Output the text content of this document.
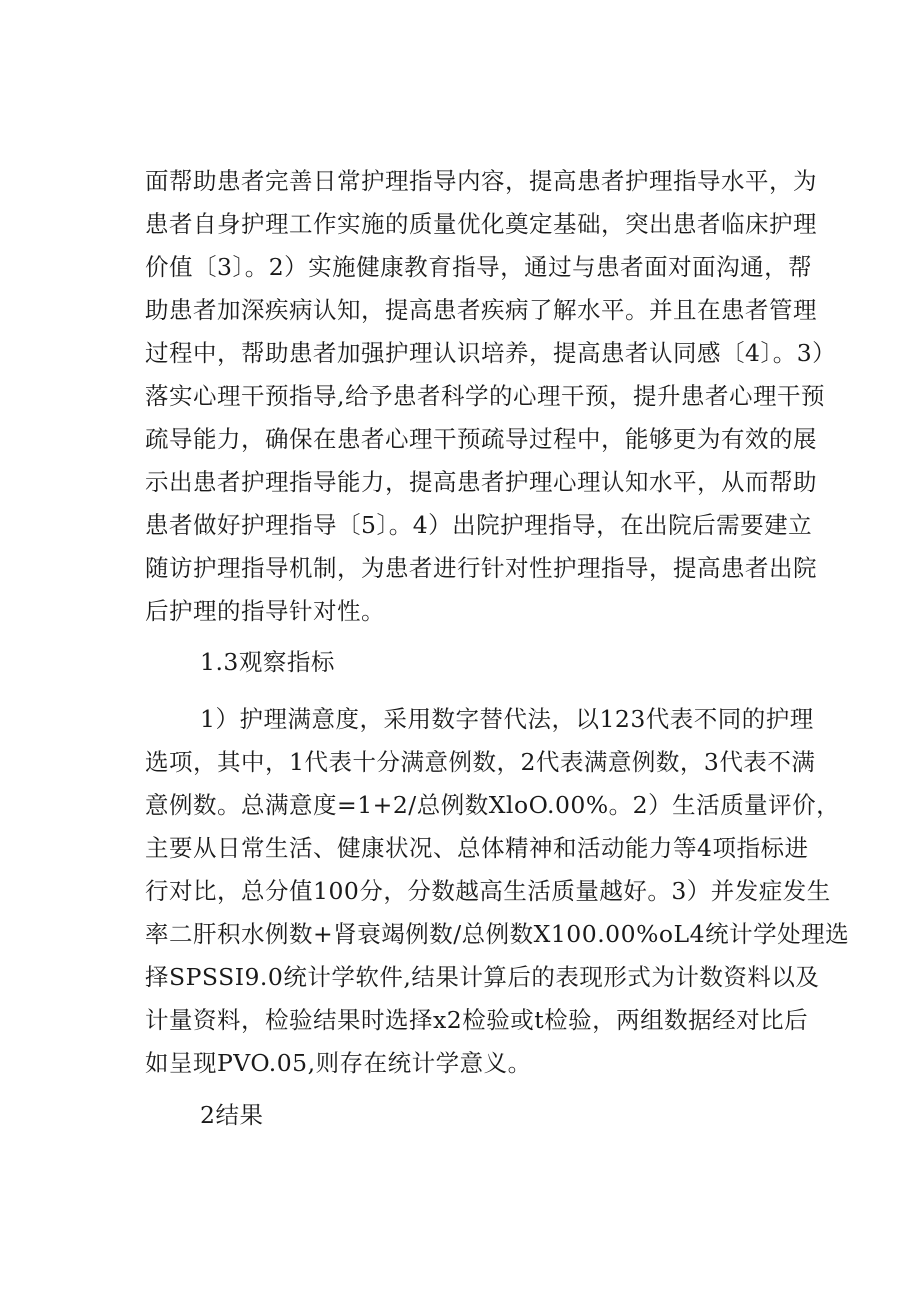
面帮助患者完善日常护理指导内容，提高患者护理指导水平，为
患者自身护理工作实施的质量优化奠定基础，突出患者临床护理
价值〔3〕。2）实施健康教育指导，通过与患者面对面沟通，帮
助患者加深疾病认知，提高患者疾病了解水平。并且在患者管理
过程中，帮助患者加强护理认识培养，提高患者认同感〔4〕。3）
落实心理干预指导,给予患者科学的心理干预，提升患者心理干预
疏导能力，确保在患者心理干预疏导过程中，能够更为有效的展
示出患者护理指导能力，提高患者护理心理认知水平，从而帮助
患者做好护理指导〔5〕。4）出院护理指导，在出院后需要建立
随访护理指导机制，为患者进行针对性护理指导，提高患者出院
后护理的指导针对性。
1.3观察指标
1）护理满意度，采用数字替代法，以123代表不同的护理
选项，其中，1代表十分满意例数，2代表满意例数，3代表不满
意例数。总满意度=1+2/总例数XloO.00%。2）生活质量评价，
主要从日常生活、健康状况、总体精神和活动能力等4项指标进
行对比，总分值100分，分数越高生活质量越好。3）并发症发生
率二肝积水例数+肾衰竭例数/总例数X100.00%oL4统计学处理选
择SPSSI9.0统计学软件,结果计算后的表现形式为计数资料以及
计量资料，检验结果时选择x2检验或t检验，两组数据经对比后
如呈现PVO.05,则存在统计学意义。
2结果
